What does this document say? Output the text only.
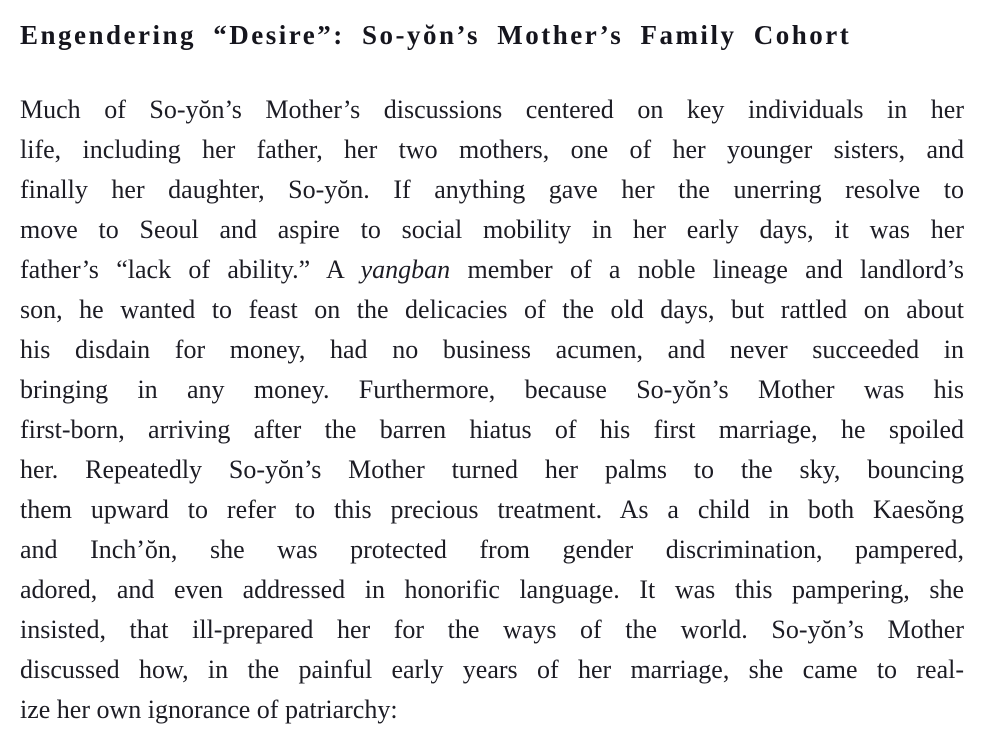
Engendering “Desire”: So-yŏn’s Mother’s Family Cohort
Much of So-yŏn’s Mother’s discussions centered on key individuals in her
life, including her father, her two mothers, one of her younger sisters, and
finally her daughter, So-yŏn. If anything gave her the unerring resolve to
move to Seoul and aspire to social mobility in her early days, it was her
father’s “lack of ability.” A yangban member of a noble lineage and landlord’s
son, he wanted to feast on the delicacies of the old days, but rattled on about
his disdain for money, had no business acumen, and never succeeded in
bringing in any money. Furthermore, because So-yŏn’s Mother was his
first-born, arriving after the barren hiatus of his first marriage, he spoiled
her. Repeatedly So-yŏn’s Mother turned her palms to the sky, bouncing
them upward to refer to this precious treatment. As a child in both Kaesŏng
and Inch’ŏn, she was protected from gender discrimination, pampered,
adored, and even addressed in honorific language. It was this pampering, she
insisted, that ill-prepared her for the ways of the world. So-yŏn’s Mother
discussed how, in the painful early years of her marriage, she came to real-
ize her own ignorance of patriarchy:
